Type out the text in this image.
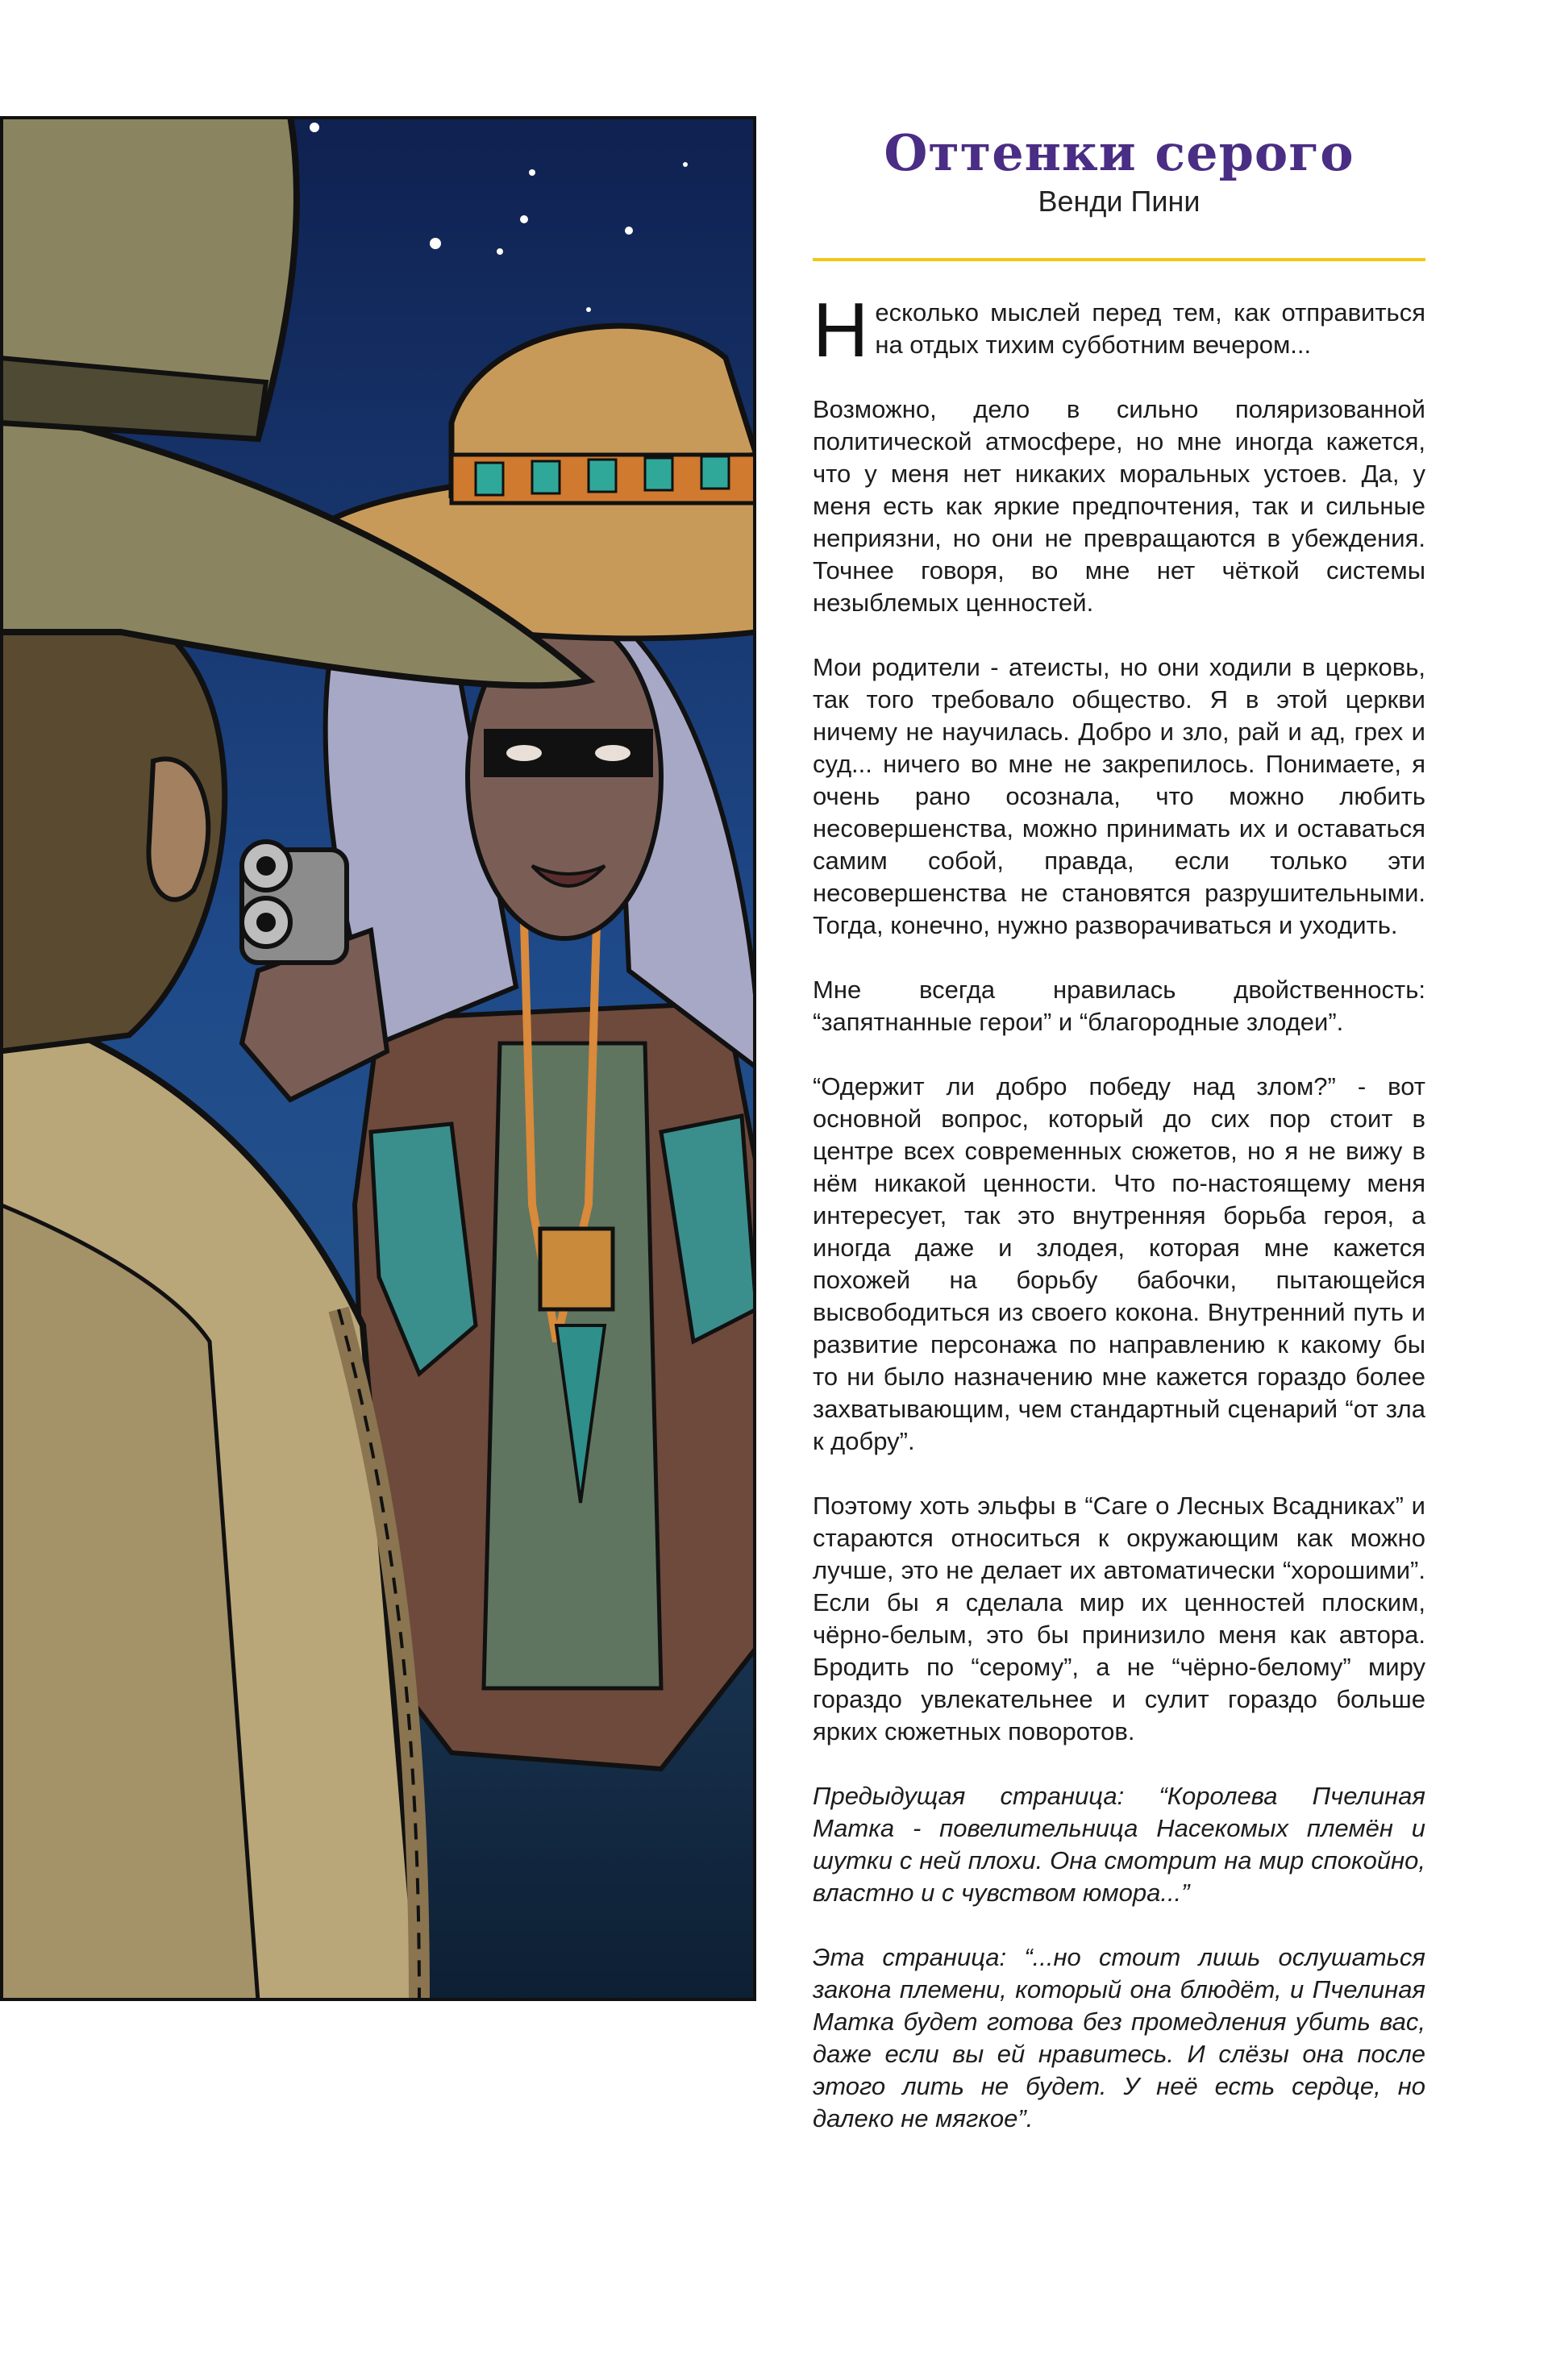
Оттенки серого
Венди Пини

Несколько мыслей перед тем, как отправиться на отдых тихим субботним вечером...

Возможно, дело в сильно поляризованной политической атмосфере, но мне иногда кажется, что у меня нет никаких моральных устоев. Да, у меня есть как яркие предпочтения, так и сильные неприязни, но они не превращаются в убеждения. Точнее говоря, во мне нет чёткой системы незыблемых ценностей.

Мои родители - атеисты, но они ходили в церковь, так того требовало общество. Я в этой церкви ничему не научилась. Добро и зло, рай и ад, грех и суд... ничего во мне не закрепилось. Понимаете, я очень рано осознала, что можно любить несовершенства, можно принимать их и оставаться самим собой, правда, если только эти несовершенства не становятся разрушительными. Тогда, конечно, нужно разворачиваться и уходить.

Мне всегда нравилась двойственность: “запятнанные герои” и “благородные злодеи”.

“Одержит ли добро победу над злом?” - вот основной вопрос, который до сих пор стоит в центре всех современных сюжетов, но я не вижу в нём никакой ценности. Что по-настоящему меня интересует, так это внутренняя борьба героя, а иногда даже и злодея, которая мне кажется похожей на борьбу бабочки, пытающейся высвободиться из своего кокона. Внутренний путь и развитие персонажа по направлению к какому бы то ни было назначению мне кажется гораздо более захватывающим, чем стандартный сценарий “от зла к добру”.

Поэтому хоть эльфы в “Саге о Лесных Всадниках” и стараются относиться к окружающим как можно лучше, это не делает их автоматически “хорошими”. Если бы я сделала мир их ценностей плоским, чёрно-белым, это бы принизило меня как автора. Бродить по “серому”, а не “чёрно-белому” миру гораздо увлекательнее и сулит гораздо больше ярких сюжетных поворотов.

Предыдущая страница: “Королева Пчелиная Матка - повелительница Насекомых племён и шутки с ней плохи. Она смотрит на мир спокойно, властно и с чувством юмора...”

Эта страница: “...но стоит лишь ослушаться закона племени, который она блюдёт, и Пчелиная Матка будет готова без промедления убить вас, даже если вы ей нравитесь. И слёзы она после этого лить не будет. У неё есть сердце, но далеко не мягкое”.
